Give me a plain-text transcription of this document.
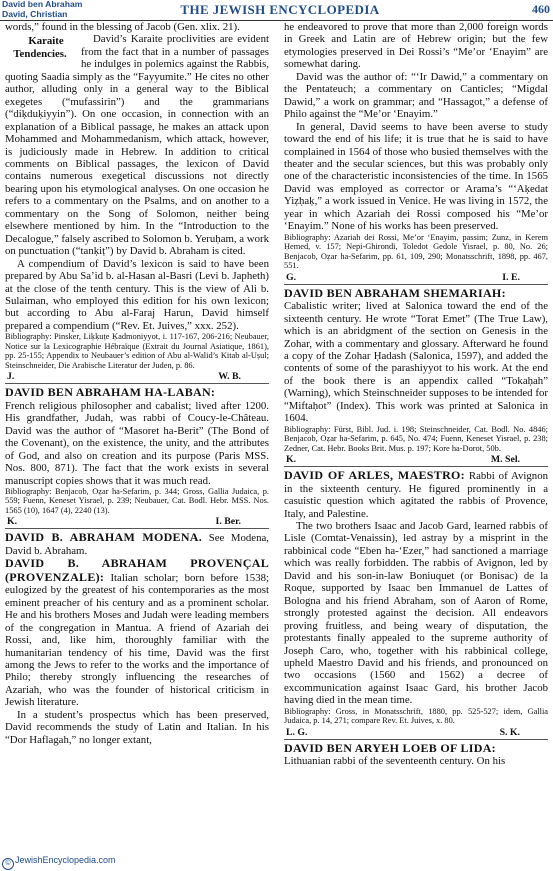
David ben Abraham
David, Christian	THE JEWISH ENCYCLOPEDIA	460

words,” found in the blessing of Jacob (Gen. xlix. 21).

Karaite Tendencies.
David’s Karaite proclivities are evident from the fact that in a number of passages he indulges in polemics against the Rabbis, quoting Saadia simply as the “Fayyumite.” He cites no other author, alluding only in a general way to the Biblical exegetes (“mufassirin”) and the grammarians (“diḳduḳiyyin”). On one occasion, in connection with an explanation of a Biblical passage, he makes an attack upon Mohammed and Mohammedanism, which attack, however, is judiciously made in Hebrew. In addition to critical comments on Biblical passages, the lexicon of David contains numerous exegetical discussions not directly bearing upon his etymological analyses. On one occasion he refers to a commentary on the Psalms, and on another to a commentary on the Song of Solomon, neither being elsewhere mentioned by him. In the “Introduction to the Decalogue,” falsely ascribed to Solomon b. Yeruḥam, a work on punctuation (“tanḳiṭ”) by David b. Abraham is cited.

A compendium of David’s lexicon is said to have been prepared by Abu Sa’id b. al-Hasan al-Basri (Levi b. Japheth) at the close of the tenth century. This is the view of Ali b. Sulaiman, who employed this edition for his own lexicon; but according to Abu al-Faraj Harun, David himself prepared a compendium (“Rev. Et. Juives,” xxx. 252).

Bibliography: Pinsker, Liḳḳuṭe Ḳadmoniyyot, i. 117-167, 206-216; Neubauer, Notice sur la Lexicographie Hébraïque (Extrait du Journal Asiatique, 1861), pp. 25-155; Appendix to Neubauer’s edition of Abu al-Walid’s Kitab al-Uṣul; Steinschneider, Die Arabische Literatur der Juden, p. 86.

J.	W. B.

DAVID BEN ABRAHAM HA-LABAN:

French religious philosopher and cabalist; lived after 1200. His grandfather, Judah, was rabbi of Coucy-le-Château. David was the author of “Masoret ha-Berit” (The Bond of the Covenant), on the existence, the unity, and the attributes of God, and also on creation and its purpose (Paris MSS. Nos. 800, 871). The fact that the work exists in several manuscript copies shows that it was much read.

Bibliography: Benjacob, Oẓar ha-Sefarim, p. 344; Gross, Gallia Judaica, p. 559; Fuenn, Keneset Yisrael, p. 239; Neubauer, Cat. Bodl. Hebr. MSS. Nos. 1565 (10), 1647 (4), 2240 (13).

K.	I. Ber.

DAVID B. ABRAHAM MODENA. See Modena, David b. Abraham.

DAVID B. ABRAHAM PROVENÇAL (PROVENZALE): Italian scholar; born before 1538; eulogized by the greatest of his contemporaries as the most eminent preacher of his century and as a prominent scholar. He and his brothers Moses and Judah were leading members of the congregation in Mantua. A friend of Azariah dei Rossi, and, like him, thoroughly familiar with the humanitarian tendency of his time, David was the first among the Jews to refer to the works and the importance of Philo; thereby strongly influencing the researches of Azariah, who was the founder of historical criticism in Jewish literature.

In a student’s prospectus which has been preserved, David recommends the study of Latin and Italian. In his “Dor Haflagah,” no longer extant,

he endeavored to prove that more than 2,000 foreign words in Greek and Latin are of Hebrew origin; but the few etymologies preserved in Dei Rossi’s “Me’or ‘Enayim” are somewhat daring.

David was the author of: “‘Ir Dawid,” a commentary on the Pentateuch; a commentary on Canticles; “Migdal Dawid,” a work on grammar; and “Hassagot,” a defense of Philo against the “Me’or ‘Enayim.”

In general, David seems to have been averse to study toward the end of his life; it is true that he is said to have complained in 1564 of those who busied themselves with the theater and the secular sciences, but this was probably only one of the characteristic inconsistencies of the time. In 1565 David was employed as corrector or Arama’s “‘Aḳedat Yiẓḥaḳ,” a work issued in Venice. He was living in 1572, the year in which Azariah dei Rossi composed his “Me’or ‘Enayim.” None of his works has been preserved.

Bibliography: Azariah dei Rossi, Me’or ‘Enayim, passim; Zunz, in Kerem Ḥemed, v. 157; Nepi-Ghirondi, Toledot Gedole Yisrael, p. 80, No. 26; Benjacob, Oẓar ha-Sefarim, pp. 61, 109, 290; Monatsschrift, 1898, pp. 467, 551.

G.	I. E.

DAVID BEN ABRAHAM SHEMARIAH:

Cabalistic writer; lived at Salonica toward the end of the sixteenth century. He wrote “Torat Emet” (The True Law), which is an abridgment of the section on Genesis in the Zohar, with a commentary and glossary. Afterward he found a copy of the Zohar Ḥadash (Salonica, 1597), and added the contents of some of the parashiyyot to his work. At the end of the book there is an appendix called “Tokaḥah” (Warning), which Steinschneider supposes to be intended for “Miftaḥot” (Index). This work was printed at Salonica in 1604.

Bibliography: Fürst, Bibl. Jud. i. 198; Steinschneider, Cat. Bodl. No. 4846; Benjacob, Oẓar ha-Sefarim, p. 645, No. 474; Fuenn, Keneset Yisrael, p. 238; Zedner, Cat. Hebr. Books Brit. Mus. p. 197; Kore ha-Dorot, 50b.

K.	M. Sel.

DAVID OF ARLES, MAESTRO: Rabbi of Avignon in the sixteenth century. He figured prominently in a casuistic question which agitated the rabbis of Provence, Italy, and Palestine.

The two brothers Isaac and Jacob Gard, learned rabbis of Lisle (Comtat-Venaissin), led astray by a misprint in the rabbinical code “Eben ha-‘Ezer,” had sanctioned a marriage which was really forbidden. The rabbis of Avignon, led by David and his son-in-law Boniuquet (or Bonisac) de la Roque, supported by Isaac ben Immanuel de Lattes of Bologna and his friend Abraham, son of Aaron of Rome, strongly protested against the decision. All endeavors proving fruitless, and being weary of disputation, the protestants finally appealed to the supreme authority of Joseph Caro, who, together with his rabbinical college, upheld Maestro David and his friends, and pronounced on two occasions (1560 and 1562) a decree of excommunication against Isaac Gard, his brother Jacob having died in the mean time.

Bibliography: Gross, in Monatsschrift, 1880, pp. 525-527; idem, Gallia Judaica, p. 14, 271; compare Rev. Et. Juives, x. 80.

L. G.	S. K.

DAVID BEN ARYEH LOEB OF LIDA:

Lithuanian rabbi of the seventeenth century. On his

© JewishEncyclopedia.com
